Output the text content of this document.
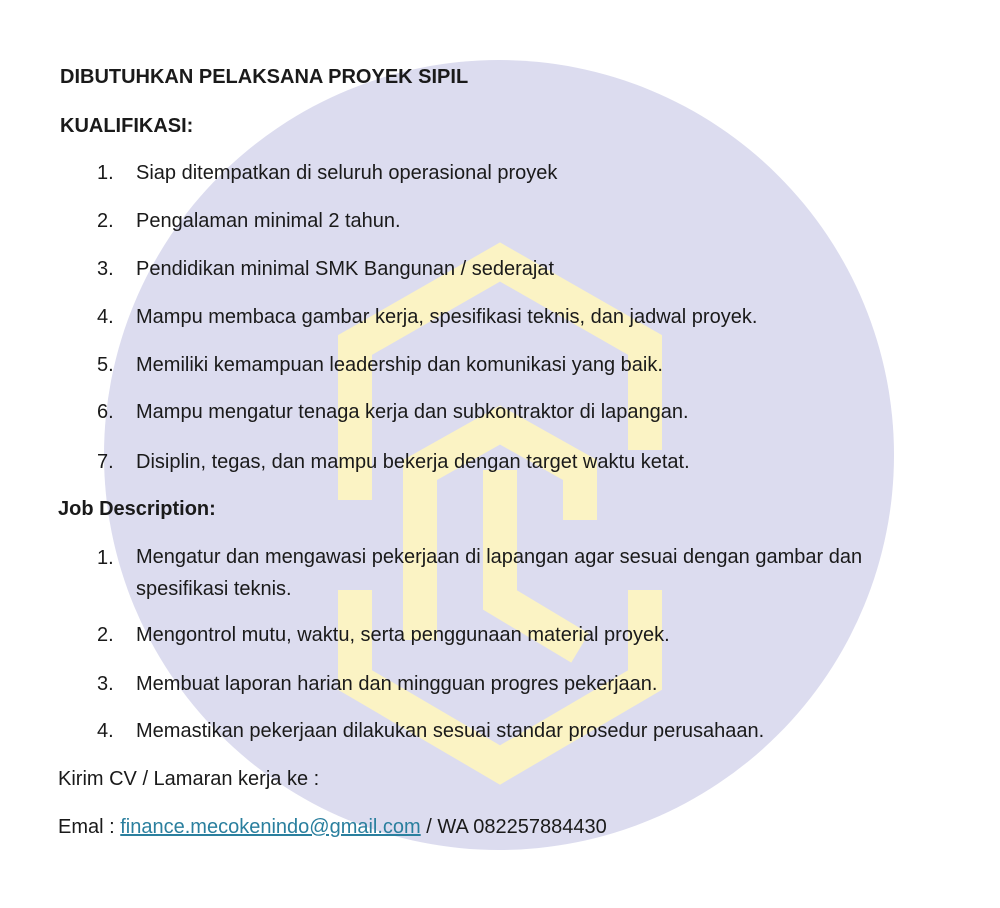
DIBUTUHKAN PELAKSANA PROYEK SIPIL
KUALIFIKASI:
1. Siap ditempatkan di seluruh operasional proyek
2. Pengalaman minimal 2 tahun.
3. Pendidikan minimal SMK Bangunan / sederajat
4. Mampu membaca gambar kerja, spesifikasi teknis, dan jadwal proyek.
5. Memiliki kemampuan leadership dan komunikasi yang baik.
6. Mampu mengatur tenaga kerja dan subkontraktor di lapangan.
7. Disiplin, tegas, dan mampu bekerja dengan target waktu ketat.
Job Description:
1. Mengatur dan mengawasi pekerjaan di lapangan agar sesuai dengan gambar dan spesifikasi teknis.
2. Mengontrol mutu, waktu, serta penggunaan material proyek.
3. Membuat laporan harian dan mingguan progres pekerjaan.
4. Memastikan pekerjaan dilakukan sesuai standar prosedur perusahaan.
Kirim CV / Lamaran kerja ke :
Emal : finance.mecokenindo@gmail.com / WA 082257884430
